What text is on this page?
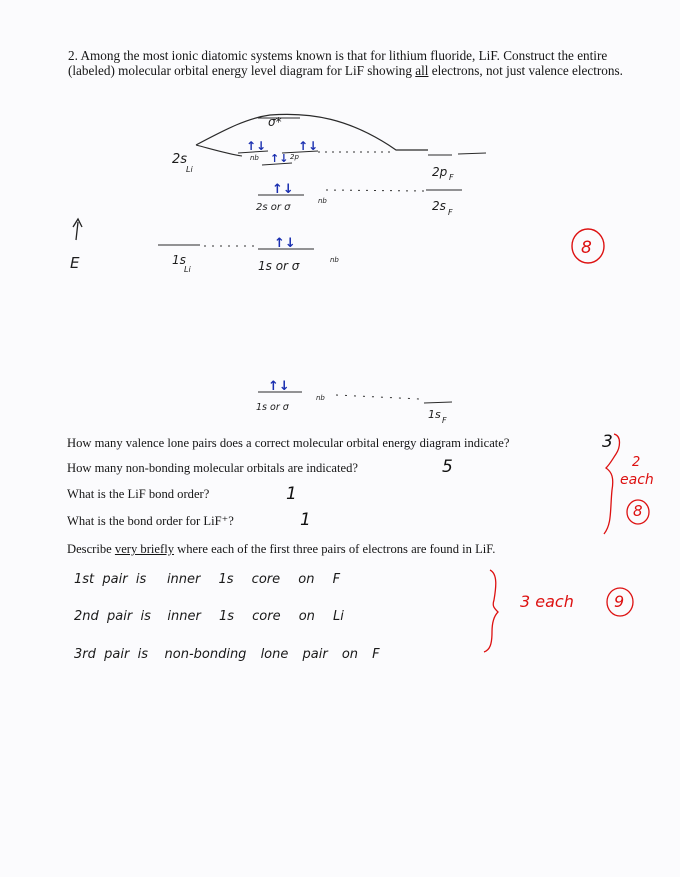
2. Among the most ionic diatomic systems known is that for lithium fluoride, LiF. Construct the entire (labeled) molecular orbital energy level diagram for LiF showing all electrons, not just valence electrons.

σ*
2s
Li
↑↓	↑↓
↑↓
nb	2p
2p F
↑↓
2s or σ
nb	2s F
E	1s
Li
↑↓
1s or σ	nb
8
↑↓
1s or σ
nb
1s F

How many valence lone pairs does a correct molecular orbital energy diagram indicate?	3

How many non-bonding molecular orbitals are indicated?	5

What is the LiF bond order?	1

What is the bond order for LiF⁺?	1
2
each
8

Describe very briefly where each of the first three pairs of electrons are found in LiF.

1st pair is inner 1s core on F
2nd pair is inner 1s core on Li
3rd pair is non-bonding lone pair on F
3 each	9
